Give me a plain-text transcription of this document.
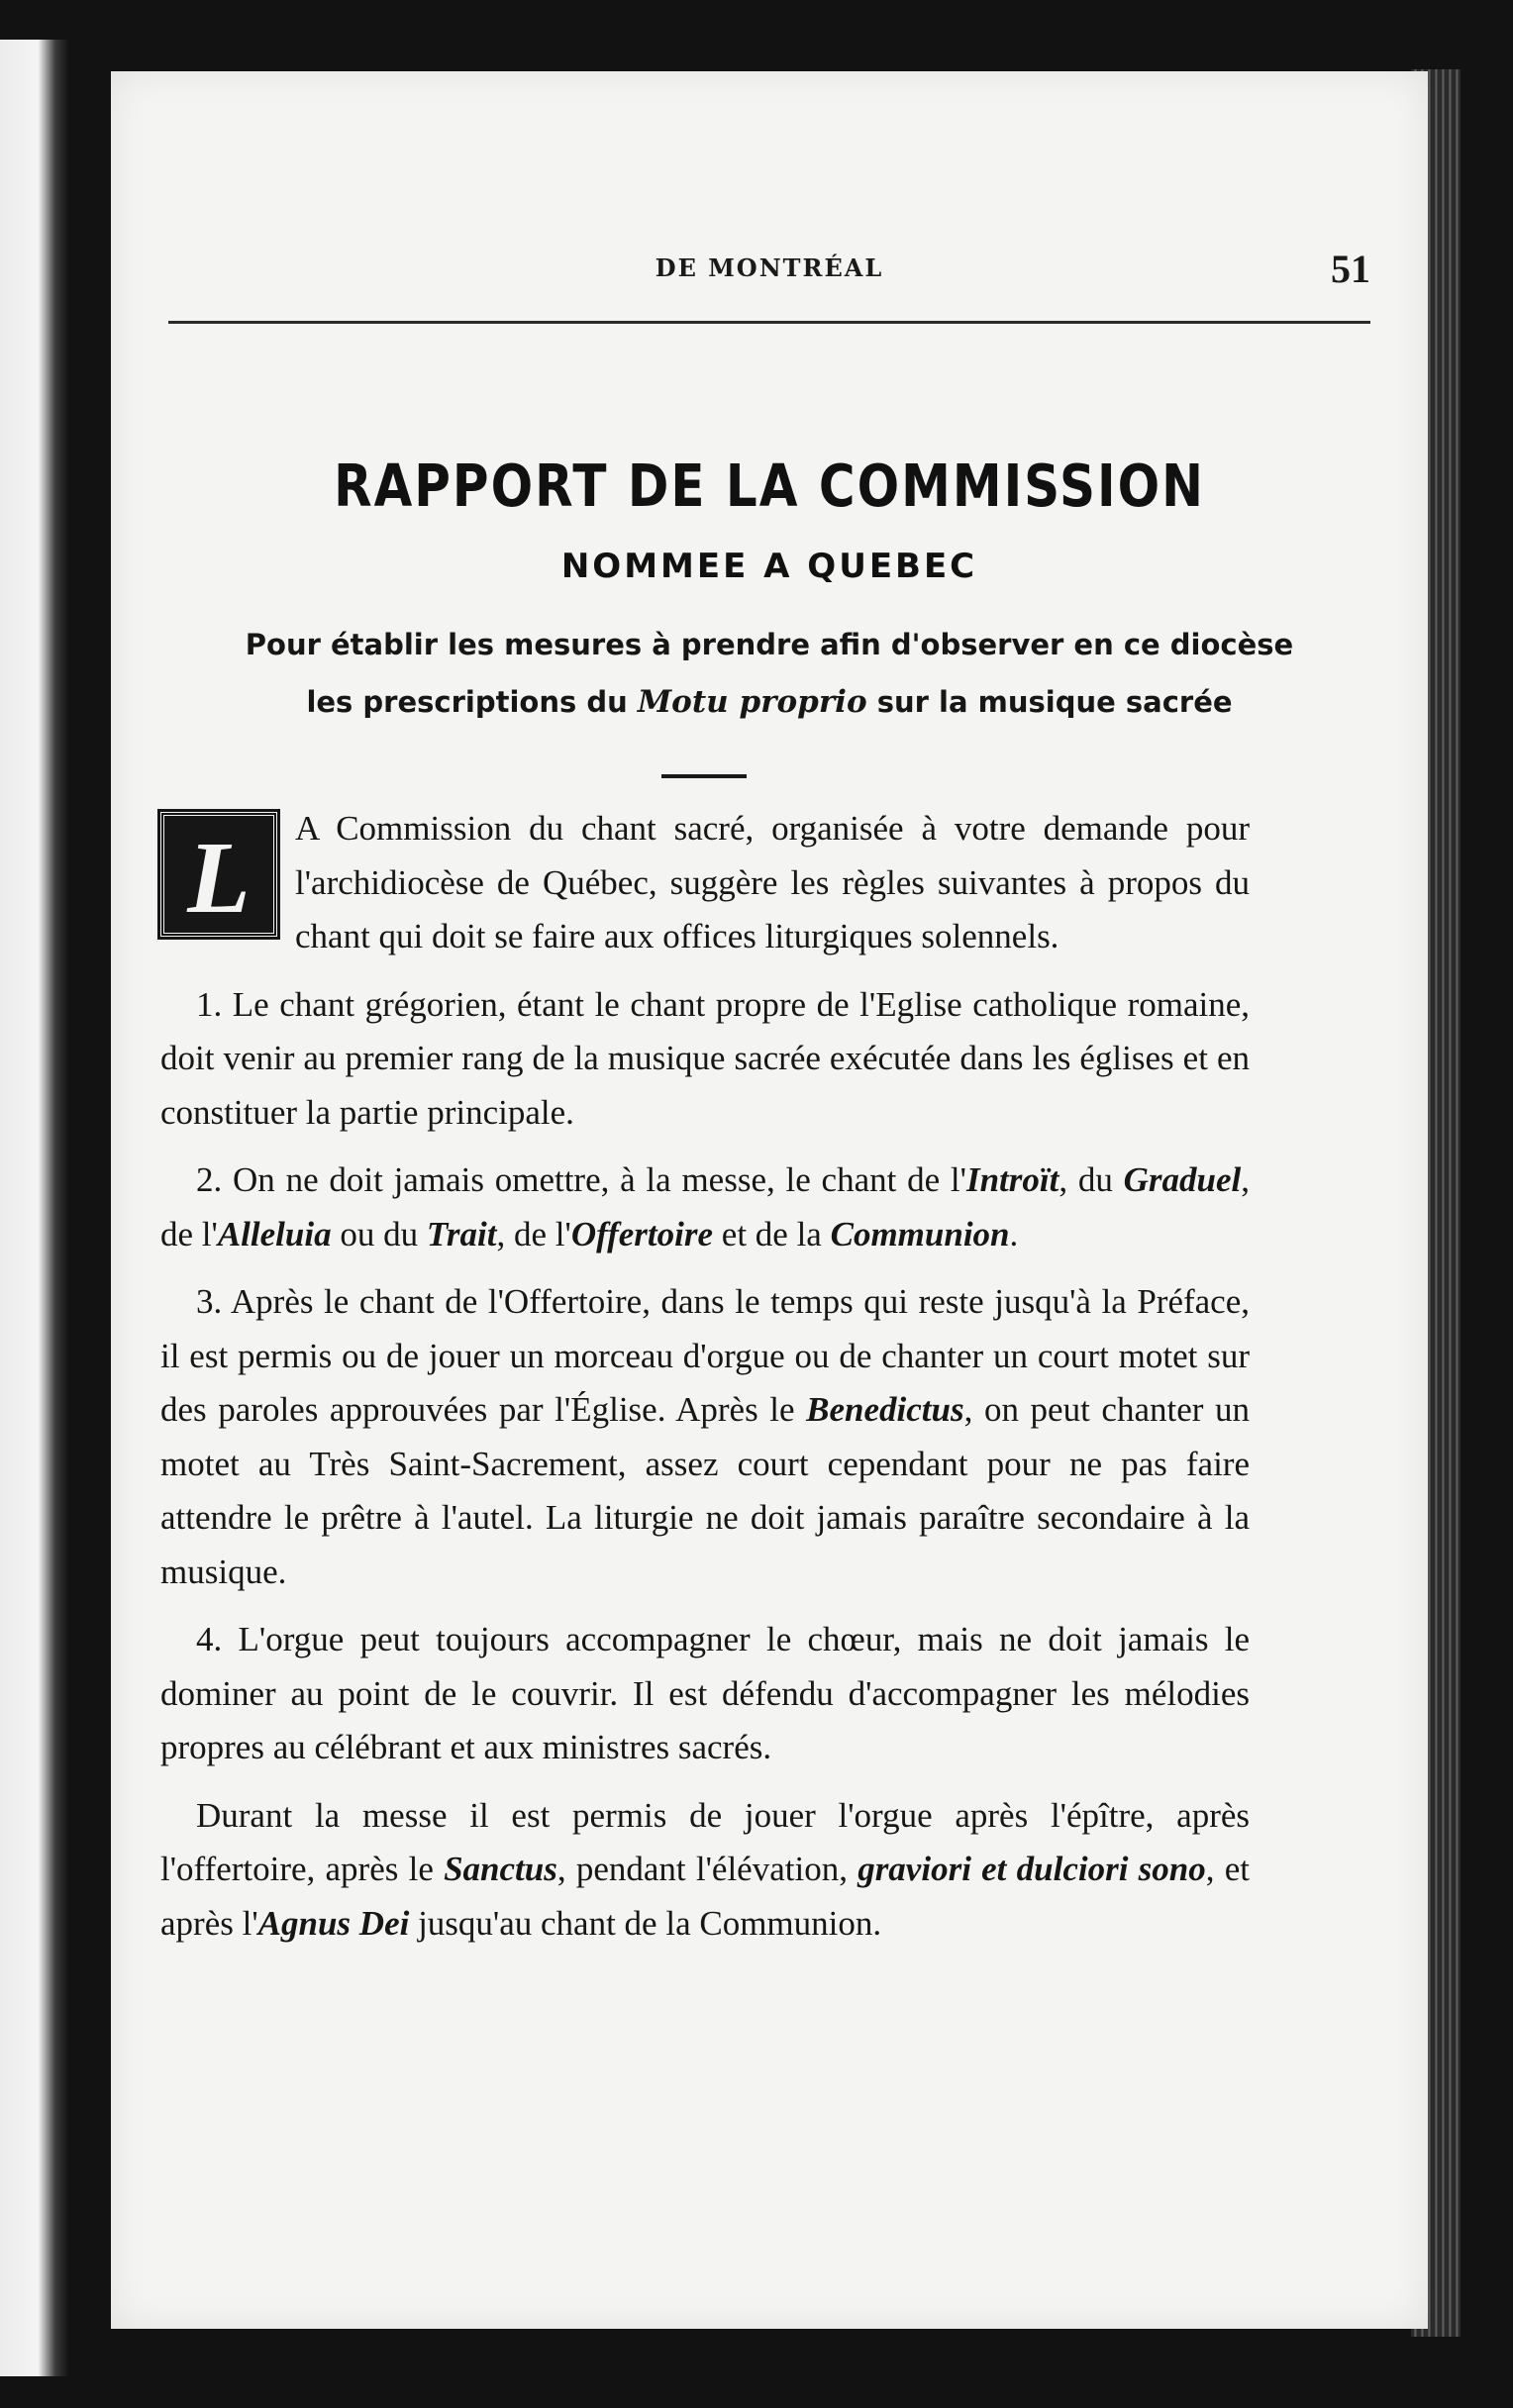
DE MONTRÉAL	51
RAPPORT DE LA COMMISSION
NOMMEE A QUEBEC
Pour établir les mesures à prendre afin d'observer en ce diocèse
les prescriptions du Motu proprio sur la musique sacrée

L	A Commission du chant sacré, organisée à votre demande pour l'archidiocèse de Québec, suggère les règles suivantes à propos du chant qui doit se faire aux offices liturgiques solennels.

1. Le chant grégorien, étant le chant propre de l'Eglise catholique romaine, doit venir au premier rang de la musique sacrée exécutée dans les églises et en constituer la partie principale.

2. On ne doit jamais omettre, à la messe, le chant de l'Introït, du Graduel, de l'Alleluia ou du Trait, de l'Offertoire et de la Communion.

3. Après le chant de l'Offertoire, dans le temps qui reste jusqu'à la Préface, il est permis ou de jouer un morceau d'orgue ou de chanter un court motet sur des paroles approuvées par l'Église. Après le Benedictus, on peut chanter un motet au Très Saint-Sacrement, assez court cependant pour ne pas faire attendre le prêtre à l'autel. La liturgie ne doit jamais paraître secondaire à la musique.

4. L'orgue peut toujours accompagner le chœur, mais ne doit jamais le dominer au point de le couvrir. Il est défendu d'accompagner les mélodies propres au célébrant et aux ministres sacrés.

Durant la messe il est permis de jouer l'orgue après l'épître, après l'offertoire, après le Sanctus, pendant l'élévation, graviori et dulciori sono, et après l'Agnus Dei jusqu'au chant de la Communion.
